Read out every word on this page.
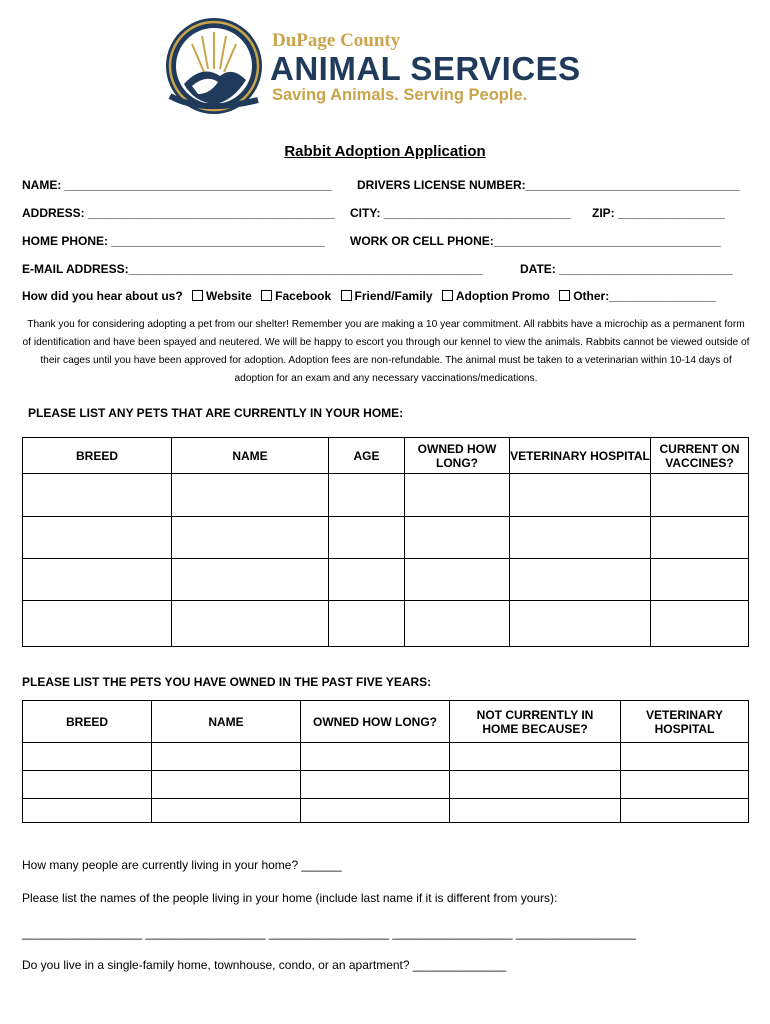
DuPage County
ANIMAL SERVICES
Saving Animals. Serving People.
Rabbit Adoption Application
NAME: ________________________________________ DRIVERS LICENSE NUMBER:________________________________
ADDRESS: _____________________________________ CITY: ____________________________ ZIP: ________________
HOME PHONE: ________________________________ WORK OR CELL PHONE:__________________________________
E-MAIL ADDRESS:_____________________________________________________	DATE: __________________________
How did you hear about us? Website Facebook Friend/Family Adoption Promo Other:________________
Thank you for considering adopting a pet from our shelter! Remember you are making a 10 year commitment. All rabbits have a microchip as a permanent form of identification and have been spayed and neutered. We will be happy to escort you through our kennel to view the animals. Rabbits cannot be viewed outside of their cages until you have been approved for adoption. Adoption fees are non-refundable. The animal must be taken to a veterinarian within 10-14 days of adoption for an exam and any necessary vaccinations/medications.
PLEASE LIST ANY PETS THAT ARE CURRENTLY IN YOUR HOME:
BREED	NAME	AGE	OWNED HOW LONG?	VETERINARY HOSPITAL	CURRENT ON VACCINES?

PLEASE LIST THE PETS YOU HAVE OWNED IN THE PAST FIVE YEARS:
BREED	NAME	OWNED HOW LONG?	NOT CURRENTLY IN HOME BECAUSE?	VETERINARY HOSPITAL

How many people are currently living in your home? ______
Please list the names of the people living in your home (include last name if it is different from yours):
__________________ __________________ __________________ __________________ __________________
Do you live in a single-family home, townhouse, condo, or an apartment? ______________
